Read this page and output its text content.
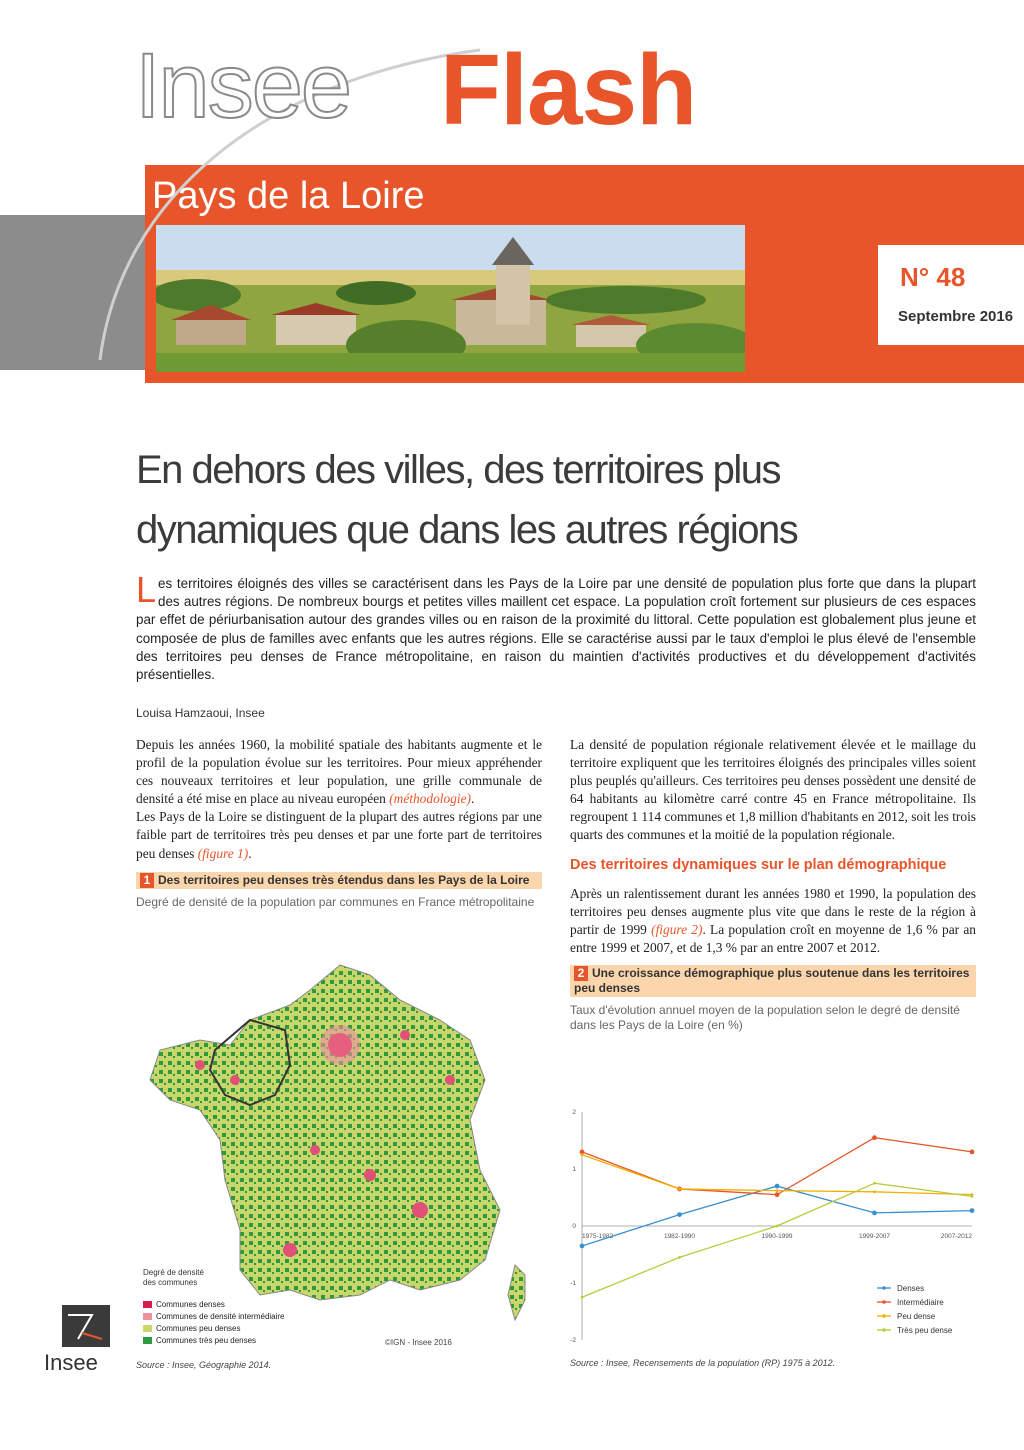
Insee Flash
Pays de la Loire
N° 48
Septembre 2016
En dehors des villes, des territoires plus
dynamiques que dans les autres régions
Les territoires éloignés des villes se caractérisent dans les Pays de la Loire par une densité de population plus forte que dans la plupart des autres régions. De nombreux bourgs et petites villes maillent cet espace. La population croît fortement sur plusieurs de ces espaces par effet de périurbanisation autour des grandes villes ou en raison de la proximité du littoral. Cette population est globalement plus jeune et composée de plus de familles avec enfants que les autres régions. Elle se caractérise aussi par le taux d'emploi le plus élevé de l'ensemble des territoires peu denses de France métropolitaine, en raison du maintien d'activités productives et du développement d'activités présentielles.
Louisa Hamzaoui, Insee

Depuis les années 1960, la mobilité spatiale des habitants augmente et le profil de la population évolue sur les territoires. Pour mieux appréhender ces nouveaux territoires et leur population, une grille communale de densité a été mise en place au niveau européen (méthodologie).

Les Pays de la Loire se distinguent de la plupart des autres régions par une faible part de territoires très peu denses et par une forte part de territoires peu denses (figure 1).

1 Des territoires peu denses très étendus dans les Pays de la Loire
Degré de densité de la population par communes en France métropolitaine
Degré de densité
des communes
Communes denses
Communes de densité intermédiaire
Communes peu denses
Communes très peu denses	©IGN - Insee 2016
Source : Insee, Géographie 2014.

La densité de population régionale relativement élevée et le maillage du territoire expliquent que les territoires éloignés des principales villes soient plus peuplés qu'ailleurs. Ces territoires peu denses possèdent une densité de 64 habitants au kilomètre carré contre 45 en France métropolitaine. Ils regroupent 1 114 communes et 1,8 million d'habitants en 2012, soit les trois quarts des communes et la moitié de la population régionale.

Des territoires dynamiques sur le plan démographique

Après un ralentissement durant les années 1980 et 1990, la population des territoires peu denses augmente plus vite que dans le reste de la région à partir de 1999 (figure 2). La population croît en moyenne de 1,6 % par an entre 1999 et 2007, et de 1,3 % par an entre 2007 et 2012.

2 Une croissance démographique plus soutenue dans les territoires peu denses
Taux d'évolution annuel moyen de la population selon le degré de densité dans les Pays de la Loire (en %)
2
1
0
-1
-2
1975-1982	1982-1990	1990-1999	1999-2007	2007-2012
Denses
Intermédiaire
Peu dense
Très peu dense
Source : Insee, Recensements de la population (RP) 1975 à 2012.
Insee
